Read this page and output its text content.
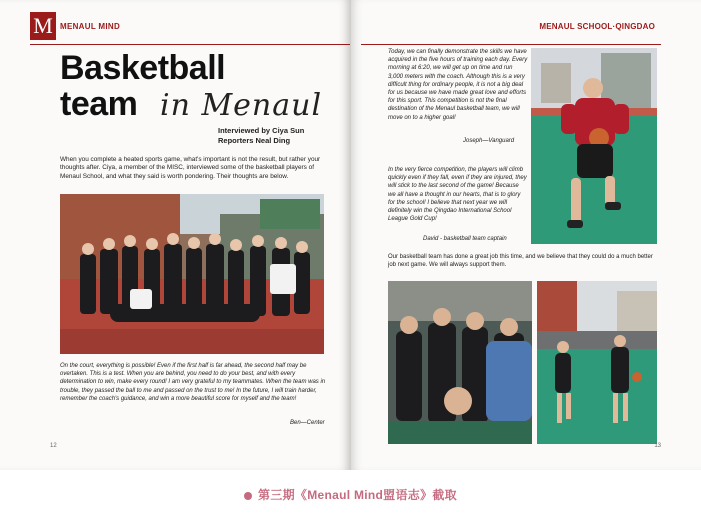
M MENAUL MIND
Basketball
team in Menaul
Interviewed by Ciya Sun
Reporters Neal Ding
When you complete a heated sports game, what's important is not the result, but rather your thoughts after. Ciya, a member of the MISC, interviewed some of the basketball players of Menaul School, and what they said is worth pondering. Their thoughts are below.
On the court, everything is possible! Even if the first half is far ahead, the second half may be overtaken. This is a test. When you are behind, you need to do your best, and with every determination to win, make every round! I am very grateful to my teammates. When the team was in trouble, they passed the ball to me and passed on the trust to me! In the future, I will train harder, remember the coach's guidance, and win a more beautiful score for myself and the team!
Ben—Center
12
MENAUL SCHOOL·QINGDAO
Today, we can finally demonstrate the skills we have acquired in the five hours of training each day. Every morning at 6:20, we will get up on time and run 3,000 meters with the coach. Although this is a very difficult thing for ordinary people, it is not a big deal for us because we have made great love and efforts for this sport. This competition is not the final destination of the Menaul basketball team, we will move on to a higher goal!
Joseph—Vanguard
In the very fierce competition, the players will climb quickly even if they fall, even if they are injured, they will stick to the last second of the game! Because we all have a thought in our hearts, that is to glory for the school! I believe that next year we will definitely win the Qingdao International School League Gold Cup!
David - basketball team captain
Our basketball team has done a great job this time, and we believe that they could do a much better job next game. We will always support them.
13
第三期《Menaul Mind盟语志》截取
